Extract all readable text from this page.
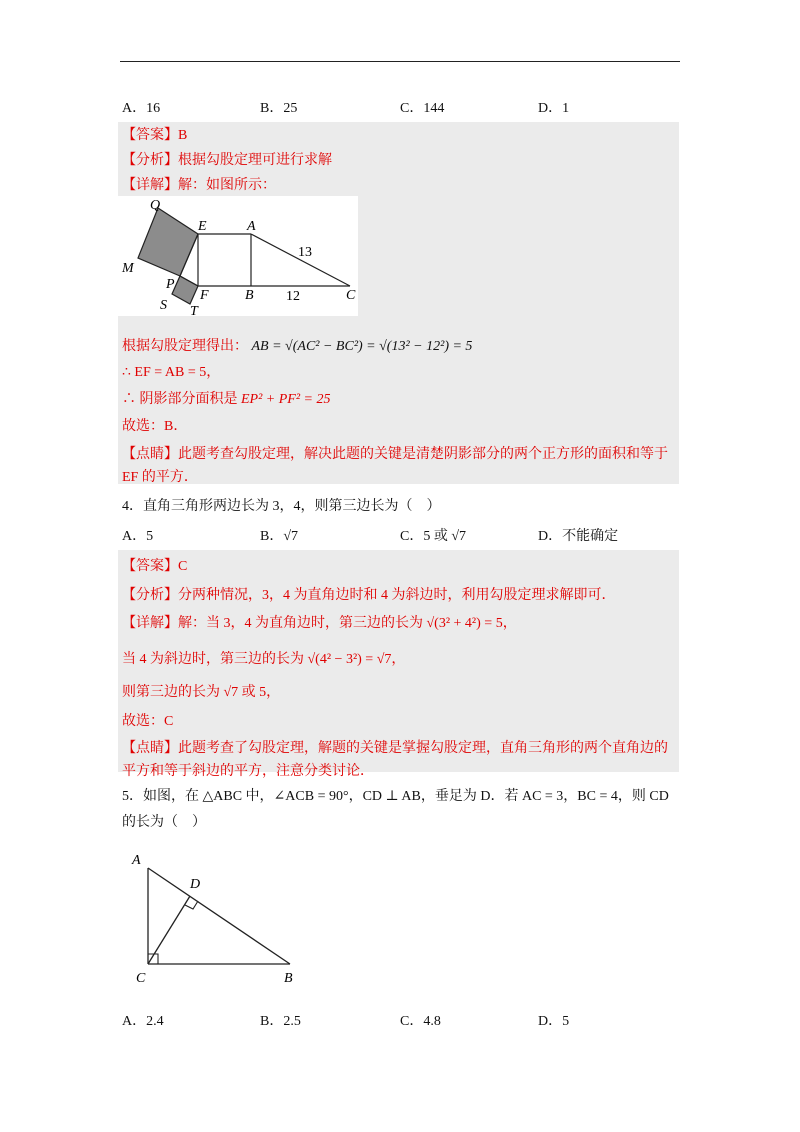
A．16	B．25	C．144	D．1
【答案】B
【分析】根据勾股定理可进行求解
【详解】解：如图所示：
Q
E	A
M
P
F	B	C
S T
13
12
根据勾股定理得出： AB = √(AC² − BC²) = √(13² − 12²) = 5
∴ EF = AB = 5，
∴ 阴影部分面积是 EP² + PF² = 25
故选：B．
【点睛】此题考查勾股定理，解决此题的关键是清楚阴影部分的两个正方形的面积和等于
EF 的平方．
4．直角三角形两边长为 3，4，则第三边长为（　）
A．5	B．√7	C．5 或 √7	D．不能确定
【答案】C
【分析】分两种情况，3，4 为直角边时和 4 为斜边时，利用勾股定理求解即可．
【详解】解：当 3，4 为直角边时，第三边的长为 √(3² + 4²) = 5，
当 4 为斜边时，第三边的长为 √(4² − 3²) = √7，
则第三边的长为 √7 或 5，
故选：C
【点睛】此题考查了勾股定理，解题的关键是掌握勾股定理，直角三角形的两个直角边的
平方和等于斜边的平方，注意分类讨论．
5．如图，在 △ABC 中，∠ACB = 90°，CD ⊥ AB，垂足为 D．若 AC = 3，BC = 4，则 CD
的长为（　）
A
D
C	B
A．2.4	B．2.5	C．4.8	D．5
